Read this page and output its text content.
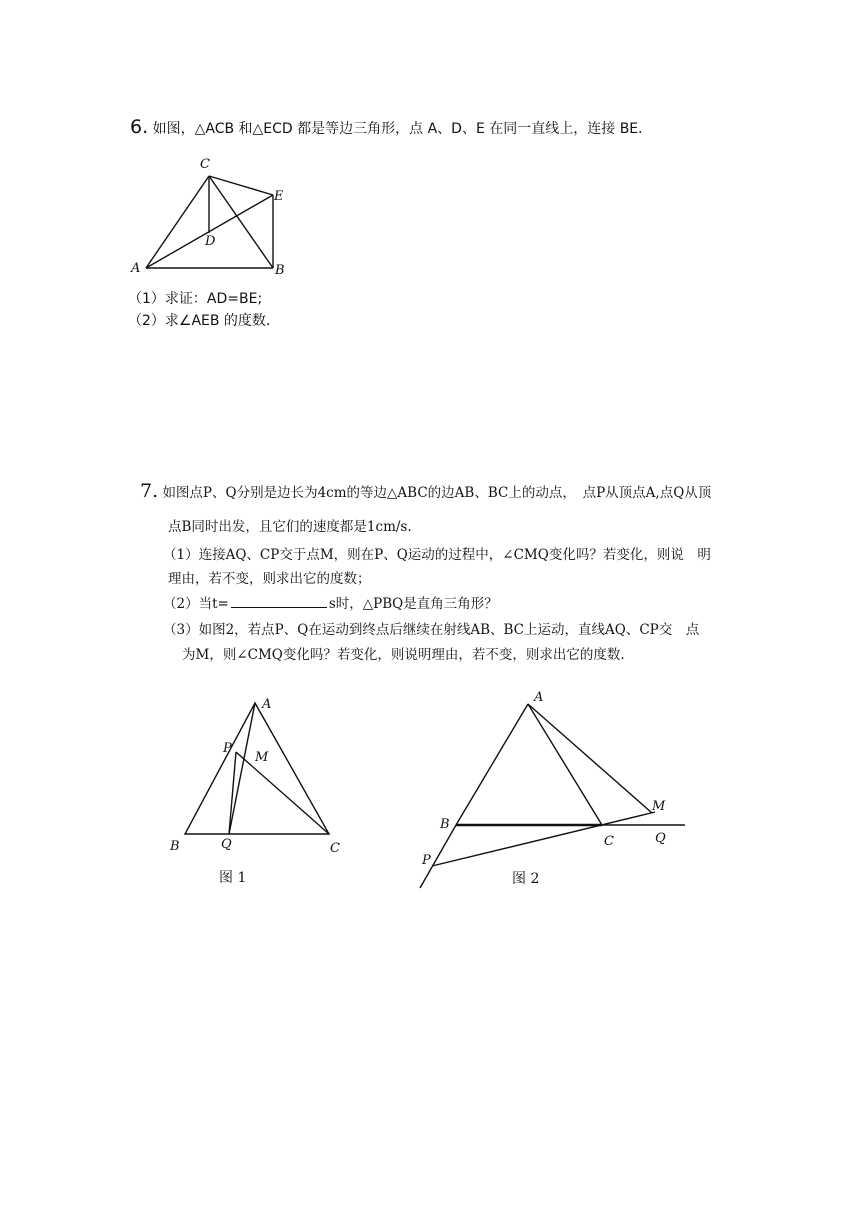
6. 如图，△ACB 和△ECD 都是等边三角形，点 A、D、E 在同一直线上，连接 BE．
C
E
D
A	B
（1）求证：AD=BE;
（2）求∠AEB 的度数．
7. 如图点P、Q分别是边长为4cm的等边△ABC的边AB、BC上的动点，　点P从顶点A,点Q从顶
点B同时出发，且它们的速度都是1cm/s.
（1）连接AQ、CP交于点M，则在P、Q运动的过程中，∠CMQ变化吗？若变化，则说　明
理由，若不变，则求出它的度数；
（2）当t=	s时，△PBQ是直角三角形？
（3）如图2，若点P、Q在运动到终点后继续在射线AB、BC上运动，直线AQ、CP交　点
为M，则∠CMQ变化吗？若变化，则说明理由，若不变，则求出它的度数.
A
P
M
B	Q	C
图 1
A
M
B
C	Q
P
图 2
